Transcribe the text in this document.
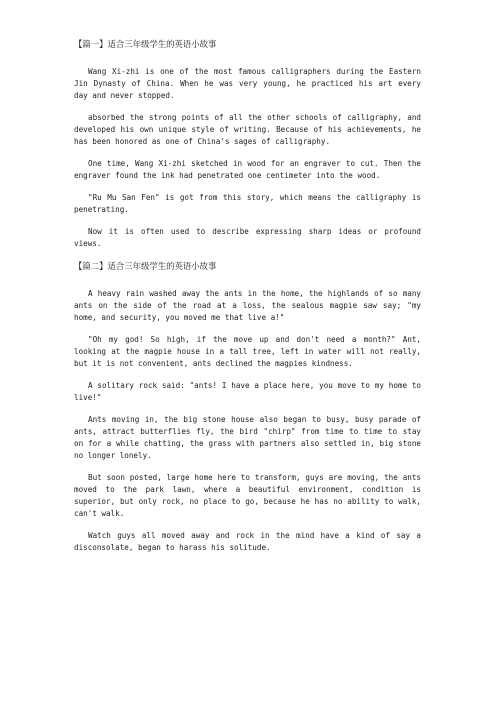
【篇一】适合三年级学生的英语小故事

Wang Xi-zhi is one of the most famous calligraphers during the Eastern Jin Dynasty of China. When he was very young, he practiced his art every day and never stopped.

absorbed the strong points of all the other schools of calligraphy, and developed his own unique style of writing. Because of his achievements, he has been honored as one of China's sages of calligraphy.

One time, Wang Xi-zhi sketched in wood for an engraver to cut. Then the engraver found the ink had penetrated one centimeter into the wood.

"Ru Mu San Fen" is got from this story, which means the calligraphy is penetrating.

Now it is often used to describe expressing sharp ideas or profound views.

【篇二】适合三年级学生的英语小故事

A heavy rain washed away the ants in the home, the highlands of so many ants on the side of the road at a loss, the sealous magpie saw say; "my home, and security, you moved me that live a!"

"Oh my god! So high, if the move up and don't need a month?" Ant, looking at the magpie house in a tall tree, left in water will not really, but it is not convenient, ants declined the magpies kindness.

A solitary rock said: "ants! I have a place here, you move to my home to live!"

Ants moving in, the big stone house also began to busy, busy parade of ants, attract butterflies fly, the bird "chirp" from time to time to stay on for a while chatting, the grass with partners also settled in, big stone no longer lonely.

But soon posted, large home here to transform, guys are moving, the ants moved to the park lawn, where a beautiful environment, condition is superior, but only rock, no place to go, because he has no ability to walk, can't walk.

Watch guys all moved away and rock in the mind have a kind of say a disconsolate, began to harass his solitude.
